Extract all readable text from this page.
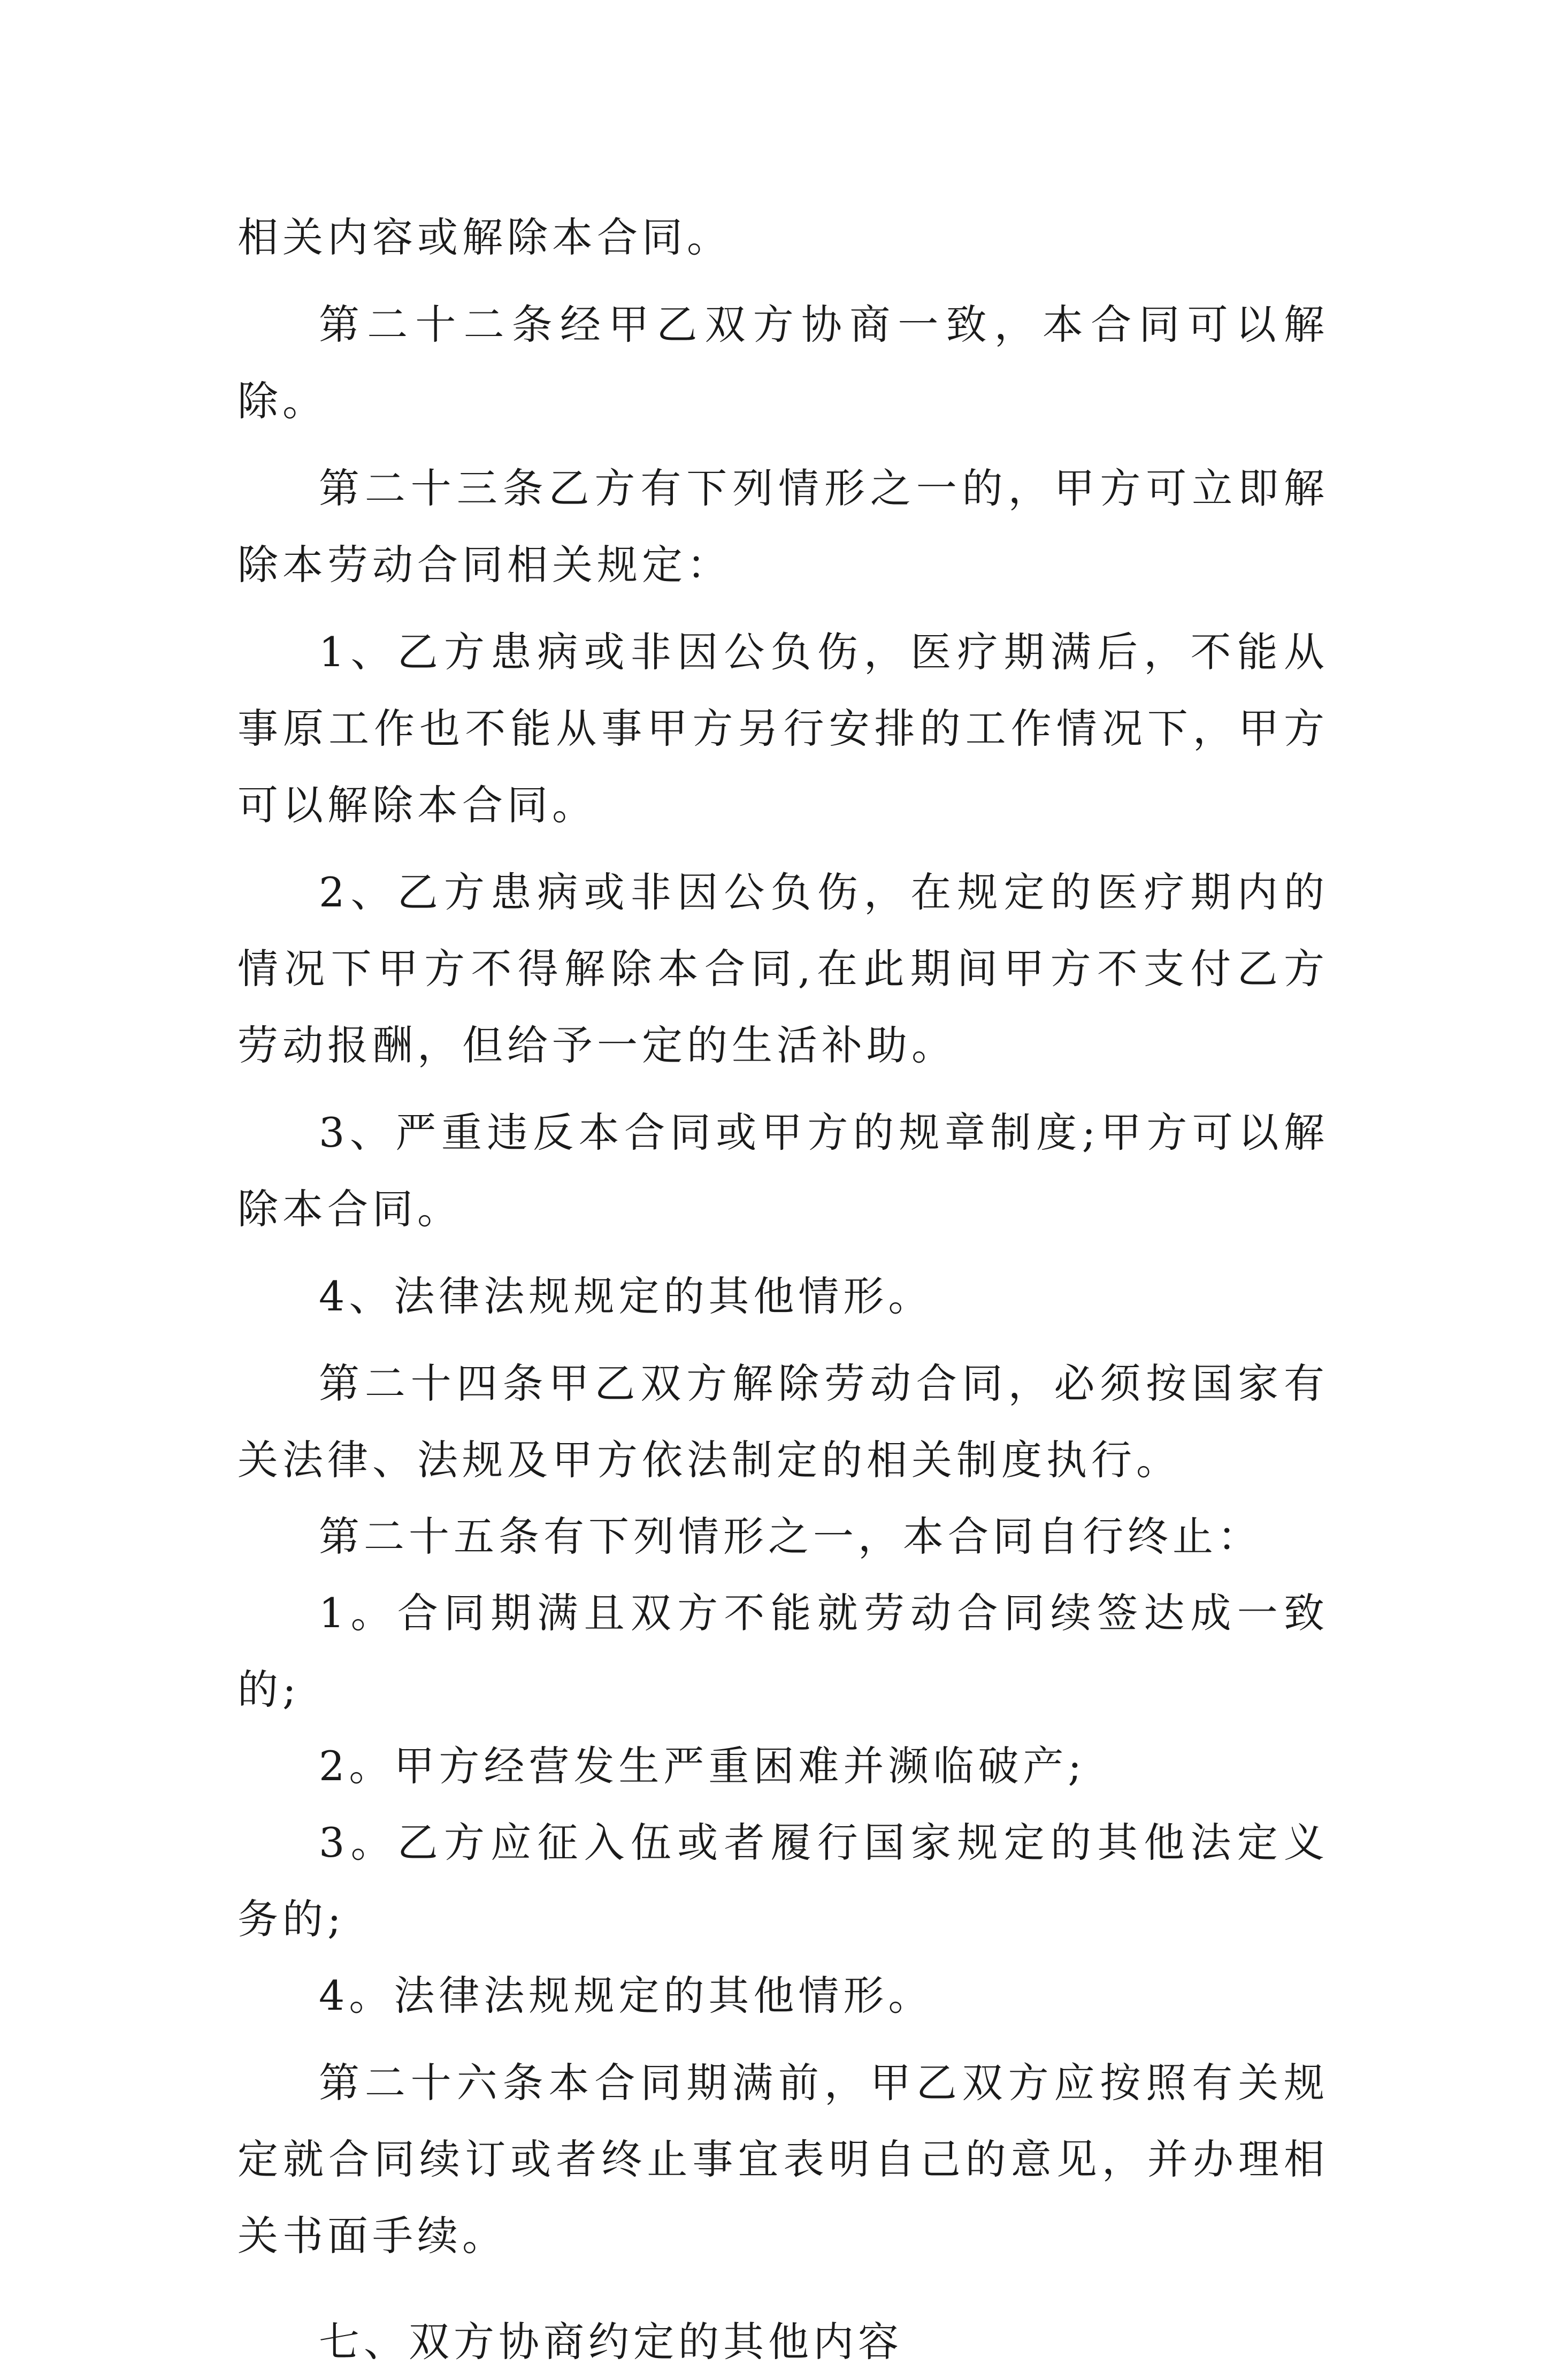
相关内容或解除本合同。

第二十二条经甲乙双方协商一致，本合同可以解除。

第二十三条乙方有下列情形之一的，甲方可立即解除本劳动合同相关规定：

1、乙方患病或非因公负伤，医疗期满后，不能从事原工作也不能从事甲方另行安排的工作情况下，甲方可以解除本合同。

2、乙方患病或非因公负伤，在规定的医疗期内的情况下甲方不得解除本合同,在此期间甲方不支付乙方劳动报酬，但给予一定的生活补助。

3、严重违反本合同或甲方的规章制度;甲方可以解除本合同。

4、法律法规规定的其他情形。

第二十四条甲乙双方解除劳动合同，必须按国家有关法律、法规及甲方依法制定的相关制度执行。

第二十五条有下列情形之一，本合同自行终止：

1。合同期满且双方不能就劳动合同续签达成一致的;

2。甲方经营发生严重困难并濒临破产;

3。乙方应征入伍或者履行国家规定的其他法定义务的;

4。法律法规规定的其他情形。

第二十六条本合同期满前，甲乙双方应按照有关规定就合同续订或者终止事宜表明自己的意见，并办理相关书面手续。

七、双方协商约定的其他内容
